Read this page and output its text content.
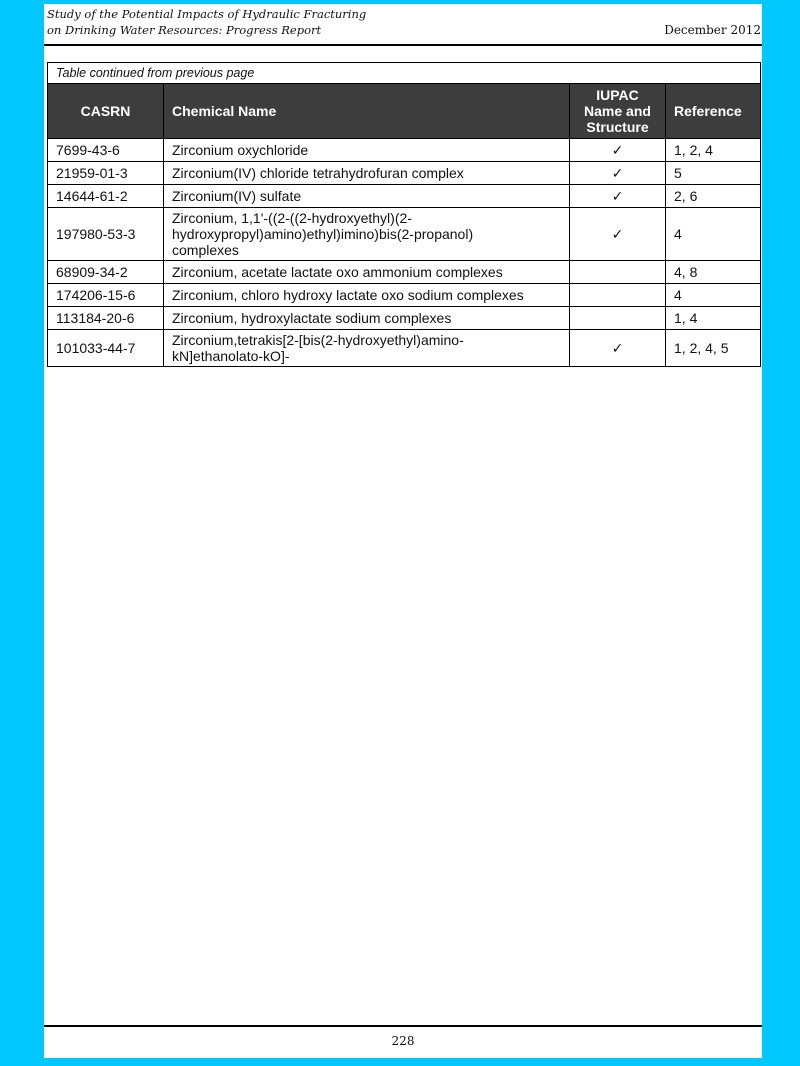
Study of the Potential Impacts of Hydraulic Fracturing
on Drinking Water Resources: Progress Report	December 2012
Table continued from previous page			
CASRN	Chemical Name	IUPAC
Name and
Structure	Reference
7699-43-6	Zirconium oxychloride	✓	1, 2, 4
21959-01-3	Zirconium(IV) chloride tetrahydrofuran complex	✓	5
14644-61-2	Zirconium(IV) sulfate	✓	2, 6
197980-53-3	Zirconium, 1,1'-((2-((2-hydroxyethyl)(2-
hydroxypropyl)amino)ethyl)imino)bis(2-propanol)
complexes	✓	4
68909-34-2	Zirconium, acetate lactate oxo ammonium complexes		4, 8
174206-15-6	Zirconium, chloro hydroxy lactate oxo sodium complexes		4
113184-20-6	Zirconium, hydroxylactate sodium complexes		1, 4
101033-44-7	Zirconium,tetrakis[2-[bis(2-hydroxyethyl)amino-
kN]ethanolato-kO]-	✓	1, 2, 4, 5
228
